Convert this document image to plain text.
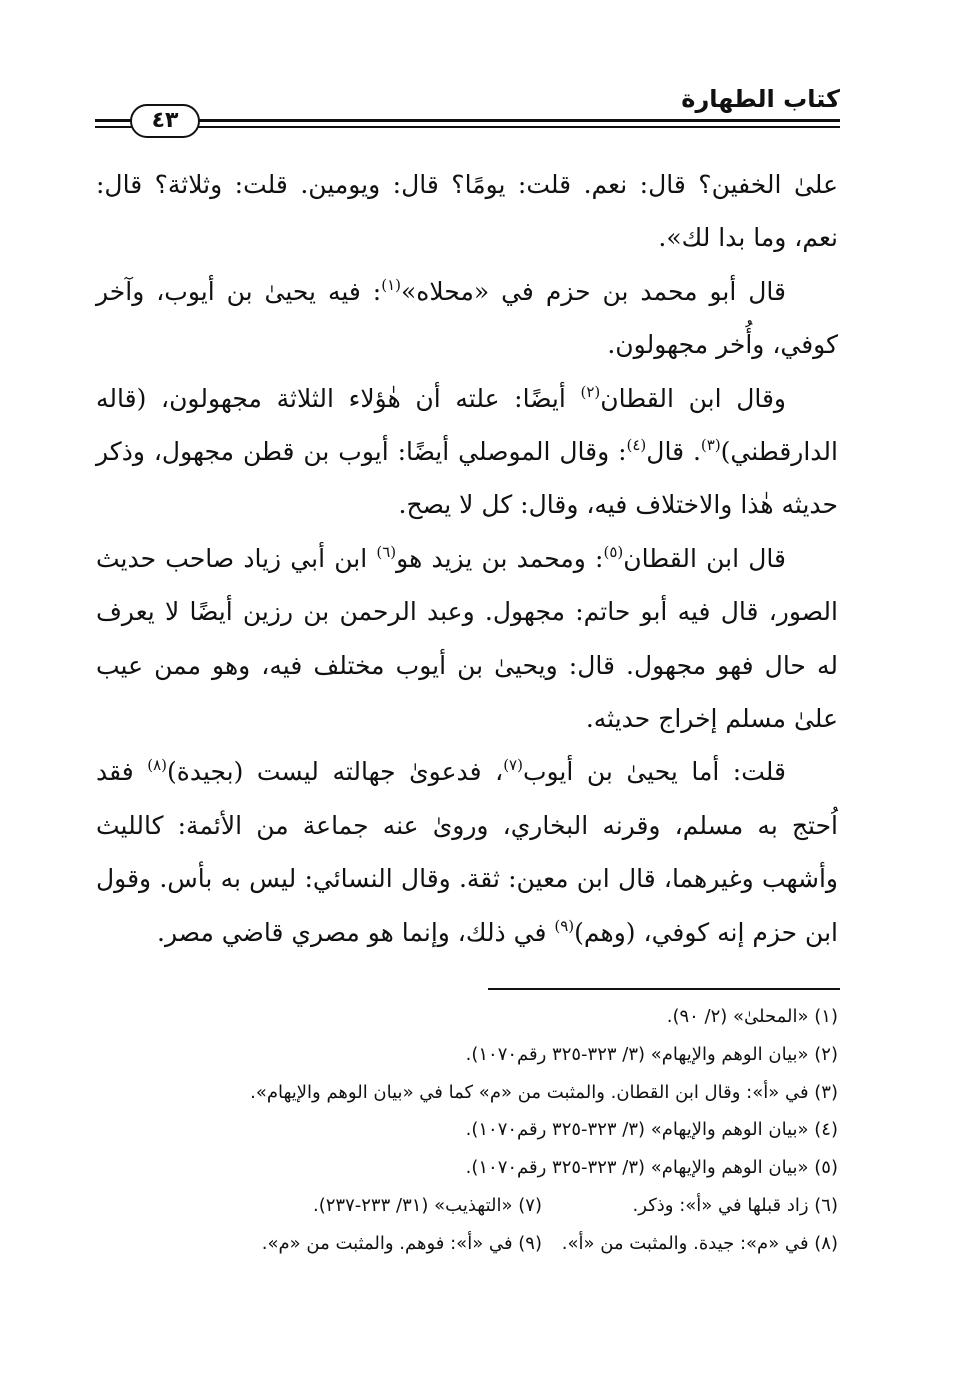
كتاب الطهارة
٤٣

علىٰ الخفين؟ قال: نعم. قلت: يومًا؟ قال: ويومين. قلت: وثلاثة؟ قال: نعم، وما بدا لك».

قال أبو محمد بن حزم في «محلاه»$^{(١)}$: فيه يحيىٰ بن أيوب، وآخر كوفي، وأُخر مجهولون.

وقال ابن القطان$^{(٢)}$ أيضًا: علته أن هٰؤلاء الثلاثة مجهولون، (قاله الدارقطني)$^{(٣)}$. قال$^{(٤)}$: وقال الموصلي أيضًا: أيوب بن قطن مجهول، وذكر حديثه هٰذا والاختلاف فيه، وقال: كل لا يصح.

قال ابن القطان$^{(٥)}$: ومحمد بن يزيد هو$^{(٦)}$ ابن أبي زياد صاحب حديث الصور، قال فيه أبو حاتم: مجهول. وعبد الرحمن بن رزين أيضًا لا يعرف له حال فهو مجهول. قال: ويحيىٰ بن أيوب مختلف فيه، وهو ممن عيب علىٰ مسلم إخراج حديثه.

قلت: أما يحيىٰ بن أيوب$^{(٧)}$، فدعوىٰ جهالته ليست (بجيدة)$^{(٨)}$ فقد اُحتج به مسلم، وقرنه البخاري، وروىٰ عنه جماعة من الأئمة: كالليث وأشهب وغيرهما، قال ابن معين: ثقة. وقال النسائي: ليس به بأس. وقول ابن حزم إنه كوفي، (وهم)$^{(٩)}$ في ذلك، وإنما هو مصري قاضي مصر.

(١) «المحلىٰ» (٢/ ٩٠).
(٢) «بيان الوهم والإيهام» (٣/ ٣٢٣-٣٢٥ رقم١٠٧٠).
(٣) في «أ»: وقال ابن القطان. والمثبت من «م» كما في «بيان الوهم والإيهام».
(٤) «بيان الوهم والإيهام» (٣/ ٣٢٣-٣٢٥ رقم١٠٧٠).
(٥) «بيان الوهم والإيهام» (٣/ ٣٢٣-٣٢٥ رقم١٠٧٠).
(٦) زاد قبلها في «أ»: وذكر.
(٧) «التهذيب» (٣١/ ٢٣٣-٢٣٧).
(٨) في «م»: جيدة. والمثبت من «أ».
(٩) في «أ»: فوهم. والمثبت من «م».
